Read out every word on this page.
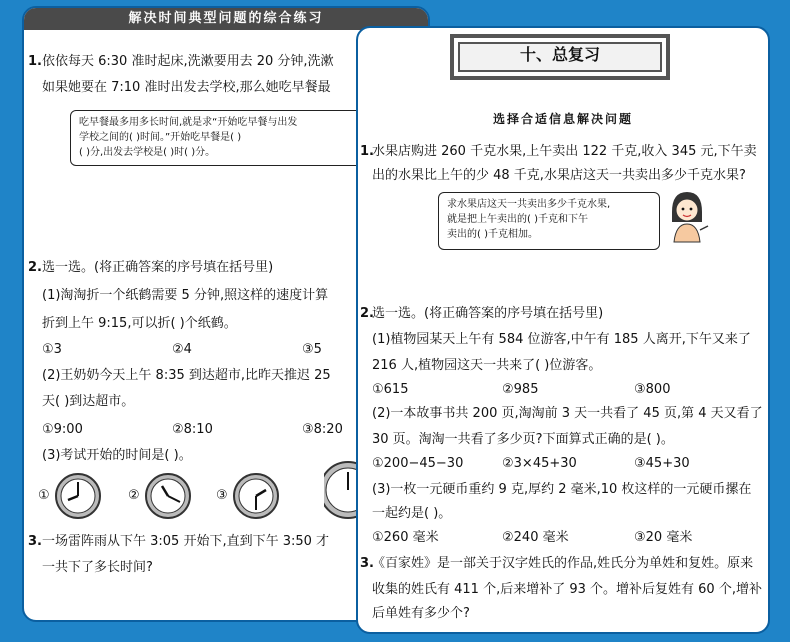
解决时间典型问题的综合练习
1. 依依每天 6:30 准时起床,洗漱要用去 20 分钟,洗漱
如果她要在 7:10 准时出发去学校,那么她吃早餐最
吃早餐最多用多长时间,就是求“开始吃早餐与出发
学校之间的( )时间。”开始吃早餐是( )
( )分,出发去学校是( )时( )分。
2. 选一选。(将正确答案的序号填在括号里)
(1)淘淘折一个纸鹤需要 5 分钟,照这样的速度计算
折到上午 9:15,可以折( )个纸鹤。
①3	②4	③5
(2)王奶奶今天上午 8:35 到达超市,比昨天推迟 25
天( )到达超市。
①9:00	②8:10	③8:20
(3)考试开始的时间是( )。
①	②	③
3. 一场雷阵雨从下午 3:05 开始下,直到下午 3:50 才
一共下了多长时间?
十、总复习
选择合适信息解决问题
1.
水果店购进 260 千克水果,上午卖出 122 千克,收入 345 元,下午卖
出的水果比上午的少 48 千克,水果店这天一共卖出多少千克水果?
求水果店这天一共卖出多少千克水果,
就是把上午卖出的( )千克和下午
卖出的( )千克相加。
2.
选一选。(将正确答案的序号填在括号里)
(1)植物园某天上午有 584 位游客,中午有 185 人离开,下午又来了
216 人,植物园这天一共来了( )位游客。
①615	②985	③800
(2)一本故事书共 200 页,淘淘前 3 天一共看了 45 页,第 4 天又看了
30 页。淘淘一共看了多少页?下面算式正确的是( )。
①200−45−30	②3×45+30	③45+30
(3)一枚一元硬币重约 9 克,厚约 2 毫米,10 枚这样的一元硬币摞在
一起约是( )。
①260 毫米	②240 毫米	③20 毫米
3.
《百家姓》是一部关于汉字姓氏的作品,姓氏分为单姓和复姓。原来
收集的姓氏有 411 个,后来增补了 93 个。增补后复姓有 60 个,增补
后单姓有多少个?
